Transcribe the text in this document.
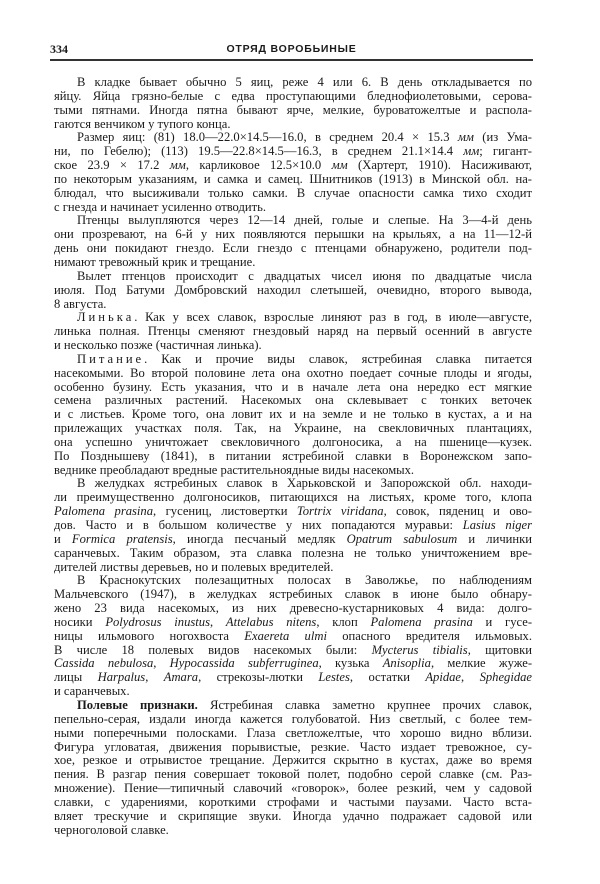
334	ОТРЯД ВОРОБЬИНЫЕ
В кладке бывает обычно 5 яиц, реже 4 или 6. В день откладывается по
яйцу. Яйца грязно-белые с едва проступающими бледнофиолетовыми, серова-
тыми пятнами. Иногда пятна бывают ярче, мелкие, буроватожелтые и распола-
гаются венчиком у тупого конца.
Размер яиц: (81) 18.0—22.0×14.5—16.0, в среднем 20.4 × 15.3 мм (из Ума-
ни, по Гебелю); (113) 19.5—22.8×14.5—16.3, в среднем 21.1×14.4 мм; гигант-
ское 23.9 × 17.2 мм, карликовое 12.5×10.0 мм (Хартерт, 1910). Насиживают,
по некоторым указаниям, и самка и самец. Шнитников (1913) в Минской обл. на-
блюдал, что высиживали только самки. В случае опасности самка тихо сходит
с гнезда и начинает усиленно отводить.
Птенцы вылупляются через 12—14 дней, голые и слепые. На 3—4-й день
они прозревают, на 6-й у них появляются перышки на крыльях, а на 11—12-й
день они покидают гнездо. Если гнездо с птенцами обнаружено, родители под-
нимают тревожный крик и трещание.
Вылет птенцов происходит с двадцатых чисел июня по двадцатые числа
июля. Под Батуми Домбровский находил слетышей, очевидно, второго вывода,
8 августа.
Линька. Как у всех славок, взрослые линяют раз в год, в июле—августе,
линька полная. Птенцы сменяют гнездовый наряд на первый осенний в августе
и несколько позже (частичная линька).
Питание. Как и прочие виды славок, ястребиная славка питается
насекомыми. Во второй половине лета она охотно поедает сочные плоды и ягоды,
особенно бузину. Есть указания, что и в начале лета она нередко ест мягкие
семена различных растений. Насекомых она склевывает с тонких веточек
и с листьев. Кроме того, она ловит их и на земле и не только в кустах, а и на
прилежащих участках поля. Так, на Украине, на свекловичных плантациях,
она успешно уничтожает свекловичного долгоносика, а на пшенице—кузек.
По Позднышеву (1841), в питании ястребиной славки в Воронежском запо-
веднике преобладают вредные растительноядные виды насекомых.
В желудках ястребиных славок в Харьковской и Запорожской обл. находи-
ли преимущественно долгоносиков, питающихся на листьях, кроме того, клопа
Palomena prasina, гусениц, листовертки Tortrix viridana, совок, пядениц и ово-
дов. Часто и в большом количестве у них попадаются муравьи: Lasius niger
и Formica pratensis, иногда песчаный медляк Opatrum sabulosum и личинки
саранчевых. Таким образом, эта славка полезна не только уничтожением вре-
дителей листвы деревьев, но и полевых вредителей.
В Краснокутских полезащитных полосах в Заволжье, по наблюдениям
Мальчевского (1947), в желудках ястребиных славок в июне было обнару-
жено 23 вида насекомых, из них древесно-кустарниковых 4 вида: долго-
носики Polydrosus inustus, Attelabus nitens, клоп Palomena prasina и гусе-
ницы ильмового ногохвоста Exaereta ulmi опасного вредителя ильмовых.
В числе 18 полевых видов насекомых были: Mycterus tibialis, щитовки
Cassida nebulosa, Hypocassida subferruginea, кузька Anisoplia, мелкие жуже-
лицы Harpalus, Amara, стрекозы-лютки Lestes, остатки Apidae, Sphegidae
и саранчевых.
Полевые признаки. Ястребиная славка заметно крупнее прочих славок,
пепельно-серая, издали иногда кажется голубоватой. Низ светлый, с более тем-
ными поперечными полосками. Глаза светложелтые, что хорошо видно вблизи.
Фигура угловатая, движения порывистые, резкие. Часто издает тревожное, су-
хое, резкое и отрывистое трещание. Держится скрытно в кустах, даже во время
пения. В разгар пения совершает токовой полет, подобно серой славке (см. Раз-
множение). Пение—типичный славочий «говорок», более резкий, чем у садовой
славки, с ударениями, короткими строфами и частыми паузами. Часто вста-
вляет трескучие и скрипящие звуки. Иногда удачно подражает садовой или
черноголовой славке.
